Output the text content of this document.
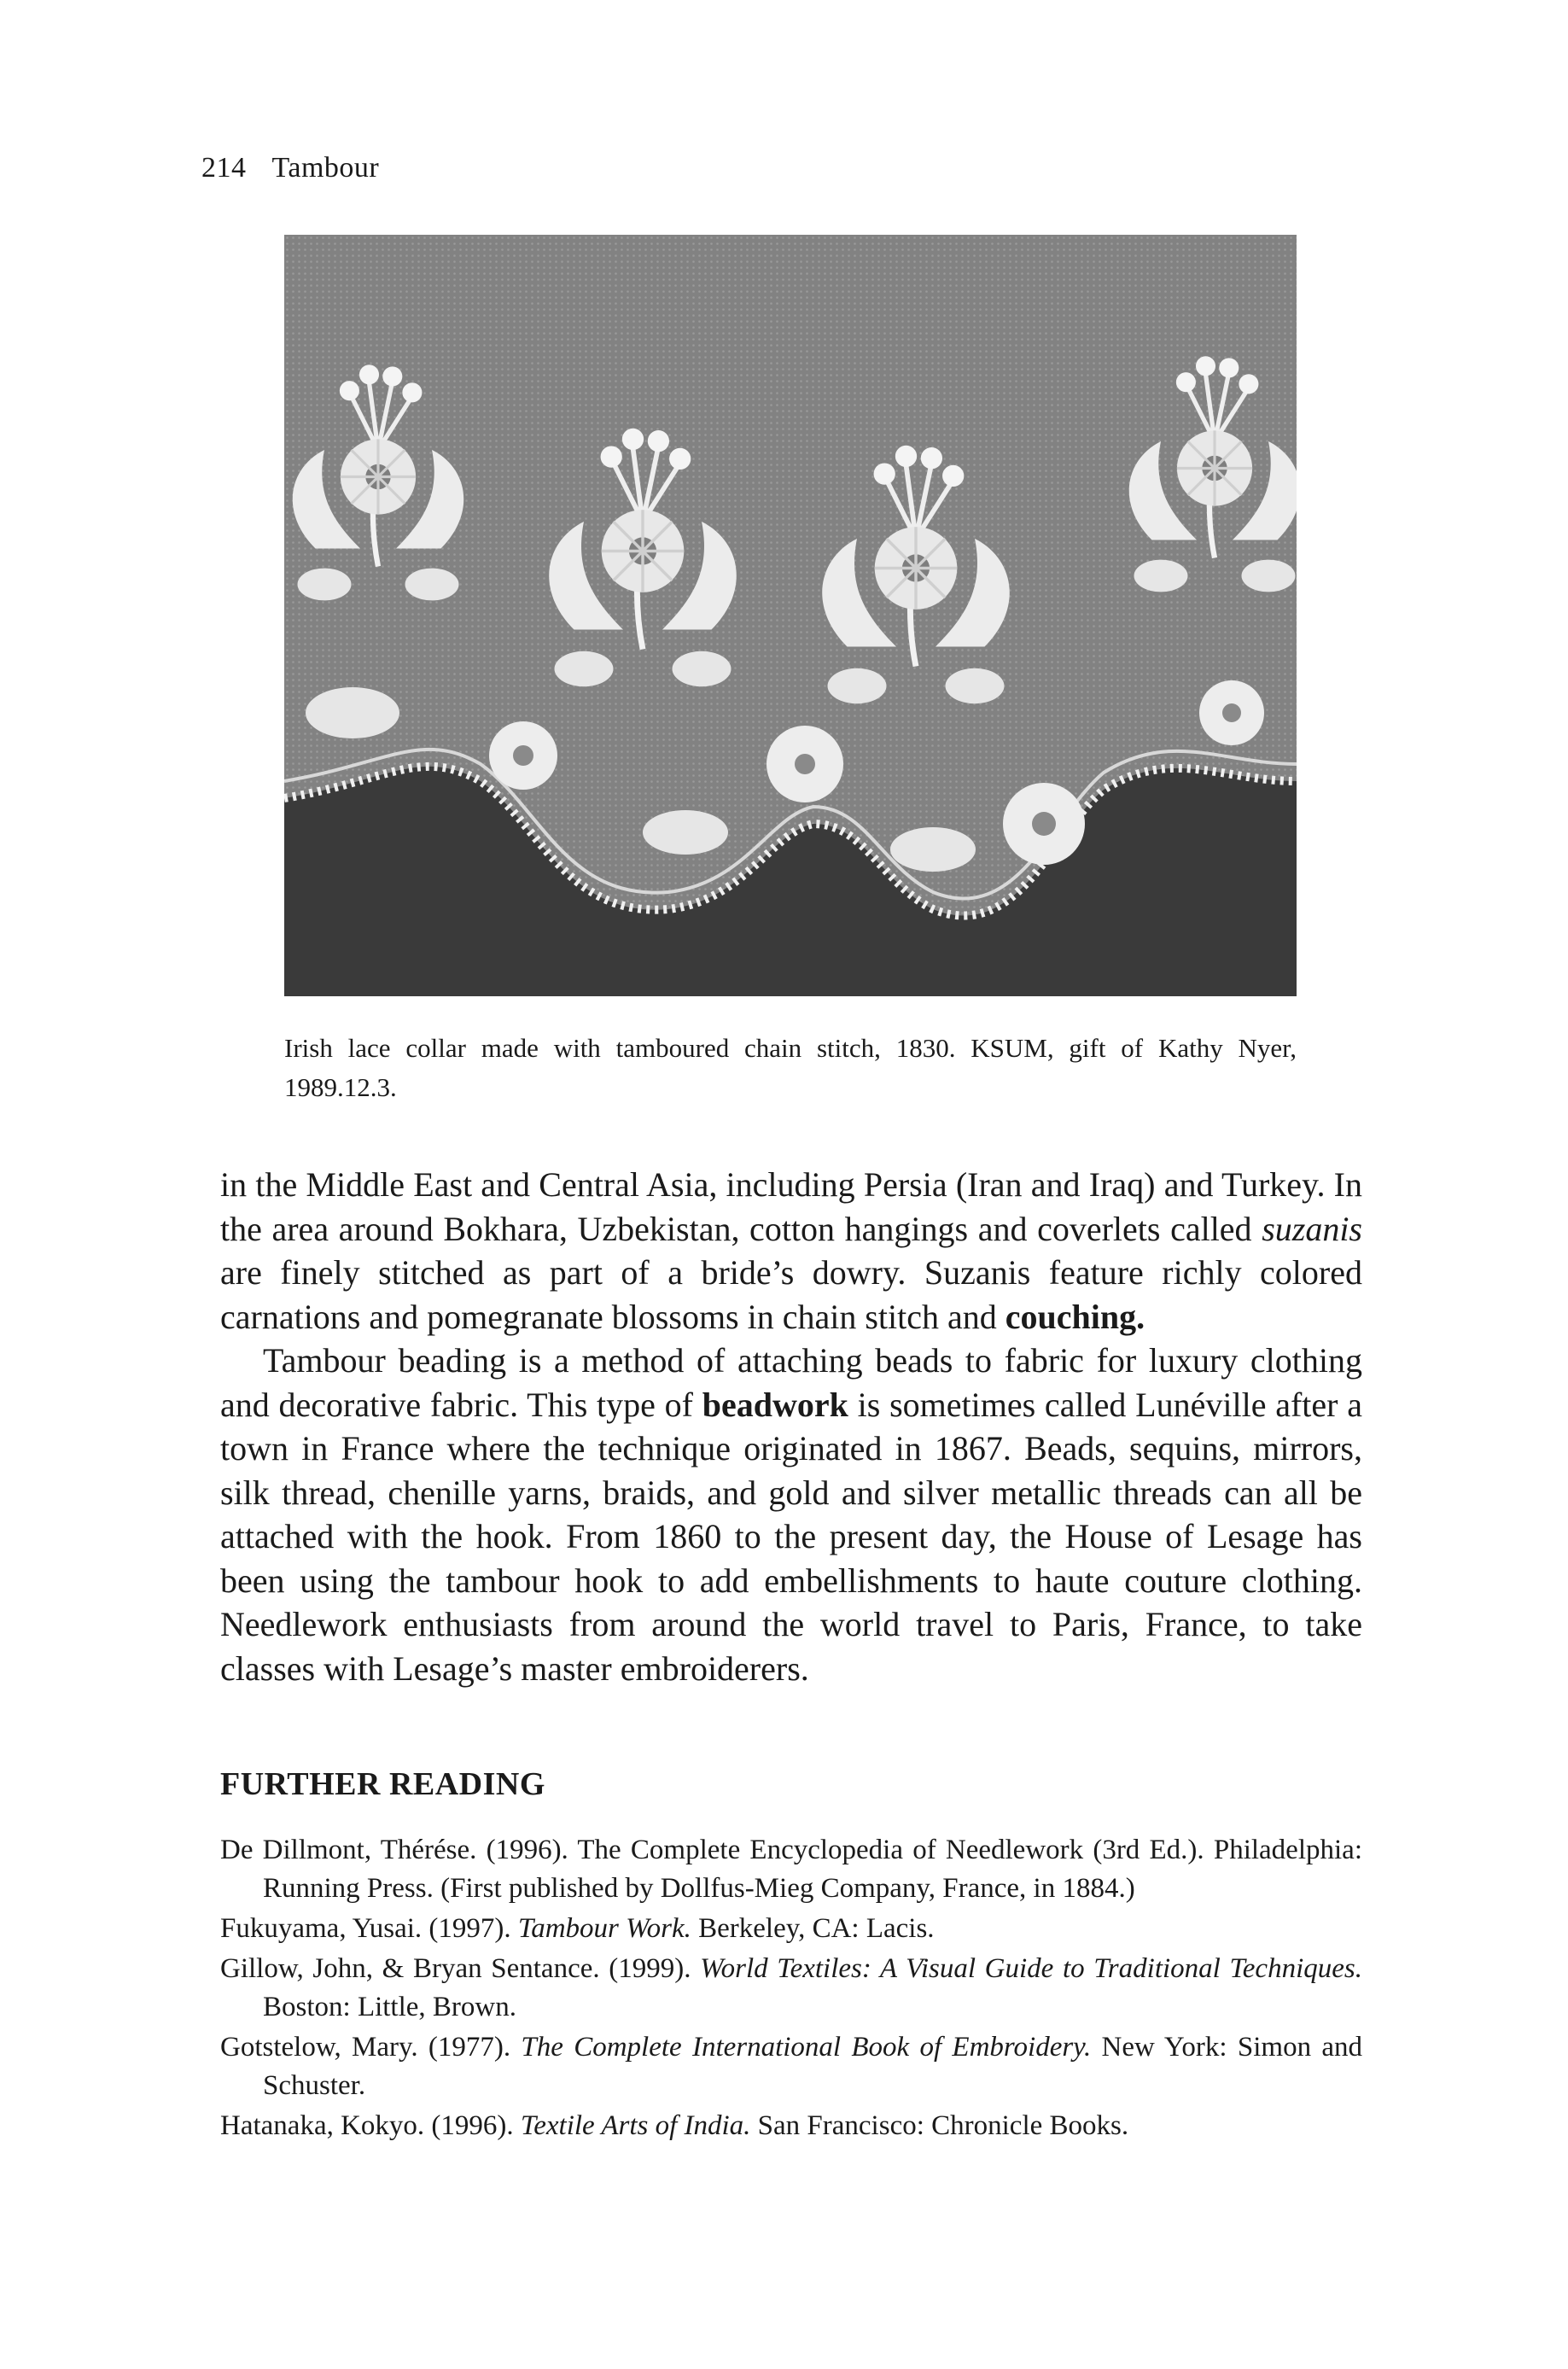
214 Tambour
Irish lace collar made with tamboured chain stitch, 1830. KSUM, gift of Kathy Nyer, 1989.12.3.

in the Middle East and Central Asia, including Persia (Iran and Iraq) and Turkey. In the area around Bokhara, Uzbekistan, cotton hangings and coverlets called suzanis are finely stitched as part of a bride’s dowry. Suzanis feature richly colored carnations and pomegranate blossoms in chain stitch and couching.

Tambour beading is a method of attaching beads to fabric for luxury clothing and decorative fabric. This type of beadwork is sometimes called Lunéville after a town in France where the technique originated in 1867. Beads, sequins, mirrors, silk thread, chenille yarns, braids, and gold and silver metallic threads can all be attached with the hook. From 1860 to the present day, the House of Lesage has been using the tambour hook to add embellishments to haute couture clothing. Needlework enthusiasts from around the world travel to Paris, France, to take classes with Lesage’s master embroiderers.

FURTHER READING

De Dillmont, Thérése. (1996). The Complete Encyclopedia of Needlework (3rd Ed.). Philadelphia: Running Press. (First published by Dollfus-Mieg Company, France, in 1884.)

Fukuyama, Yusai. (1997). Tambour Work. Berkeley, CA: Lacis.

Gillow, John, & Bryan Sentance. (1999). World Textiles: A Visual Guide to Traditional Techniques. Boston: Little, Brown.

Gotstelow, Mary. (1977). The Complete International Book of Embroidery. New York: Simon and Schuster.

Hatanaka, Kokyo. (1996). Textile Arts of India. San Francisco: Chronicle Books.
